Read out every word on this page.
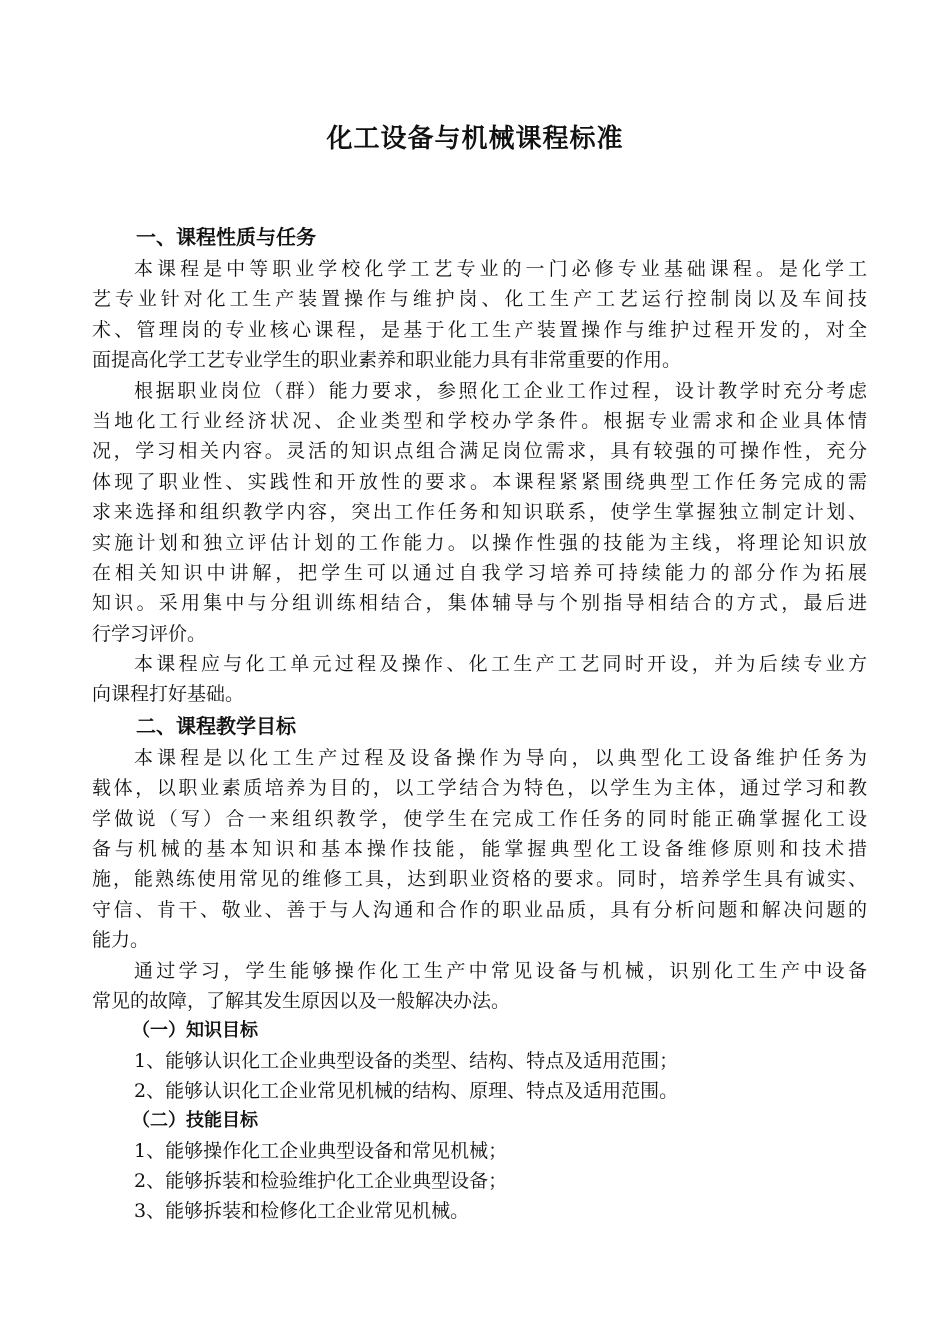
化工设备与机械课程标准
一、课程性质与任务
本课程是中等职业学校化学工艺专业的一门必修专业基础课程。是化学工
艺专业针对化工生产装置操作与维护岗、化工生产工艺运行控制岗以及车间技
术、管理岗的专业核心课程，是基于化工生产装置操作与维护过程开发的，对全
面提高化学工艺专业学生的职业素养和职业能力具有非常重要的作用。
根据职业岗位（群）能力要求，参照化工企业工作过程，设计教学时充分考虑
当地化工行业经济状况、企业类型和学校办学条件。根据专业需求和企业具体情
况，学习相关内容。灵活的知识点组合满足岗位需求，具有较强的可操作性，充分
体现了职业性、实践性和开放性的要求。本课程紧紧围绕典型工作任务完成的需
求来选择和组织教学内容，突出工作任务和知识联系，使学生掌握独立制定计划、
实施计划和独立评估计划的工作能力。以操作性强的技能为主线，将理论知识放
在相关知识中讲解，把学生可以通过自我学习培养可持续能力的部分作为拓展
知识。采用集中与分组训练相结合，集体辅导与个别指导相结合的方式，最后进
行学习评价。
本课程应与化工单元过程及操作、化工生产工艺同时开设，并为后续专业方
向课程打好基础。
二、课程教学目标
本课程是以化工生产过程及设备操作为导向，以典型化工设备维护任务为
载体，以职业素质培养为目的，以工学结合为特色，以学生为主体，通过学习和教
学做说（写）合一来组织教学，使学生在完成工作任务的同时能正确掌握化工设
备与机械的基本知识和基本操作技能，能掌握典型化工设备维修原则和技术措
施，能熟练使用常见的维修工具，达到职业资格的要求。同时，培养学生具有诚实、
守信、肯干、敬业、善于与人沟通和合作的职业品质，具有分析问题和解决问题的
能力。
通过学习，学生能够操作化工生产中常见设备与机械，识别化工生产中设备
常见的故障，了解其发生原因以及一般解决办法。
（一）知识目标
1、能够认识化工企业典型设备的类型、结构、特点及适用范围；
2、能够认识化工企业常见机械的结构、原理、特点及适用范围。
（二）技能目标
1、能够操作化工企业典型设备和常见机械；
2、能够拆装和检验维护化工企业典型设备；
3、能够拆装和检修化工企业常见机械。
